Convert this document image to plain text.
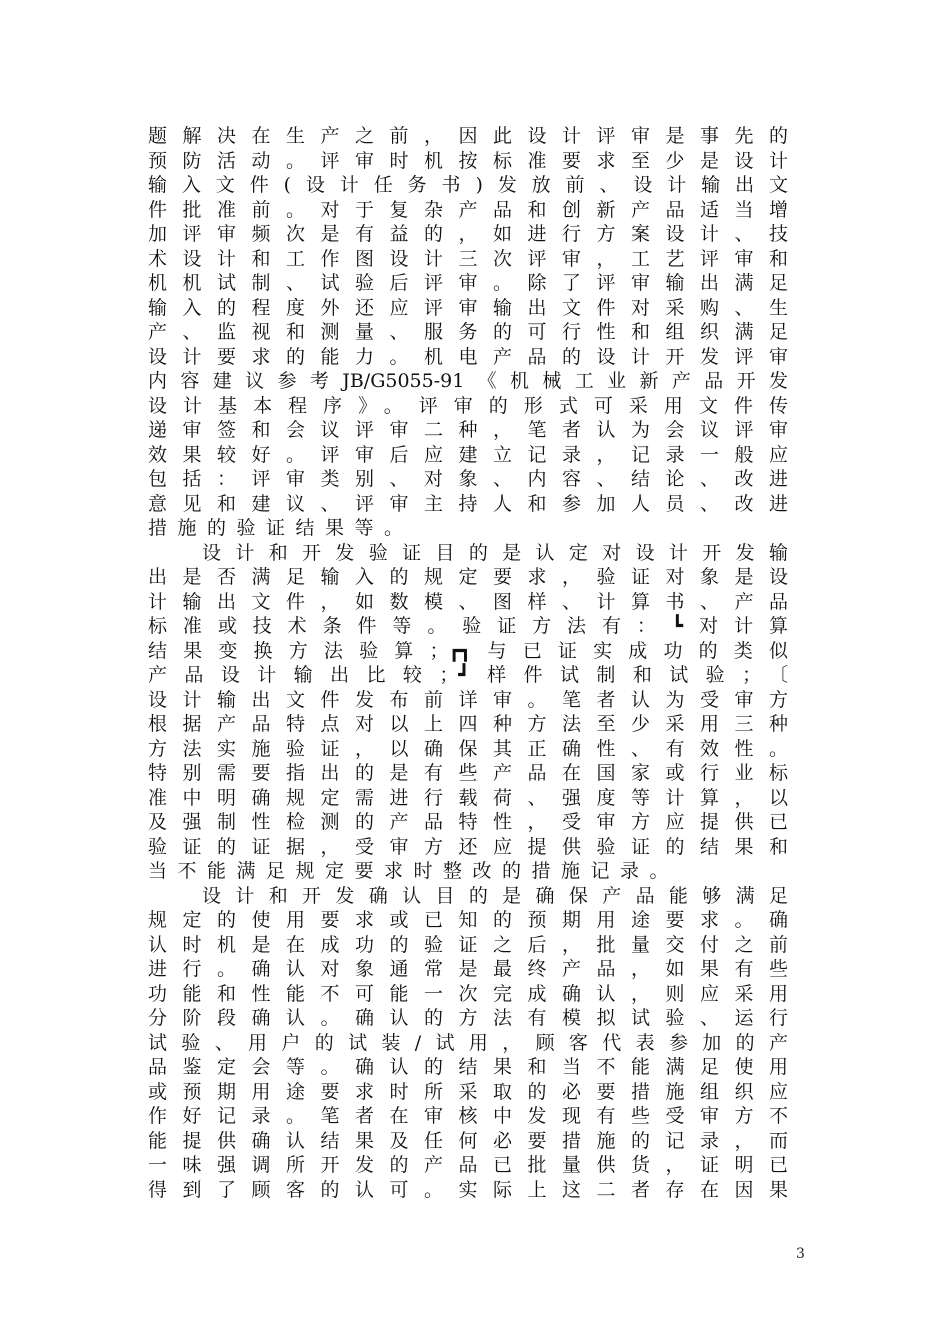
题解决在生产之前，因此设计评审是事先的
预防活动。评审时机按标准要求至少是设计
输入文件(设计任务书)发放前、设计输出文
件批准前。对于复杂产品和创新产品适当增
加评审频次是有益的，如进行方案设计、技
术设计和工作图设计三次评审，工艺评审和
机机试制、试验后评审。除了评审输出满足
输入的程度外还应评审输出文件对采购、生
产、监视和测量、服务的可行性和组织满足
设计要求的能力。机电产品的设计开发评审
内容建议参考JB/G5055-91《机械工业新产品开发
设计基本程序》。评审的形式可采用文件传
递审签和会议评审二种，笔者认为会议评审
效果较好。评审后应建立记录，记录一般应
包括：评审类别、对象、内容、结论、改进
意见和建议、评审主持人和参加人员、改进
措施的验证结果等。
设计和开发验证目的是认定对设计开发输
出是否满足输入的规定要求，验证对象是设
计输出文件，如数模、图样、计算书、产品
标准或技术条件等。验证方法有：┗对计算
结果变换方法验算；┏┓与已证实成功的类似
产品设计输出比较；┛样件试制和试验；〔
设计输出文件发布前详审。笔者认为受审方
根据产品特点对以上四种方法至少采用三种
方法实施验证，以确保其正确性、有效性。
特别需要指出的是有些产品在国家或行业标
准中明确规定需进行载荷、强度等计算，以
及强制性检测的产品特性，受审方应提供已
验证的证据，受审方还应提供验证的结果和
当不能满足规定要求时整改的措施记录。
设计和开发确认目的是确保产品能够满足
规定的使用要求或已知的预期用途要求。确
认时机是在成功的验证之后，批量交付之前
进行。确认对象通常是最终产品，如果有些
功能和性能不可能一次完成确认，则应采用
分阶段确认。确认的方法有模拟试验、运行
试验、用户的试装/试用，顾客代表参加的产
品鉴定会等。确认的结果和当不能满足使用
或预期用途要求时所采取的必要措施组织应
作好记录。笔者在审核中发现有些受审方不
能提供确认结果及任何必要措施的记录，而
一味强调所开发的产品已批量供货，证明已
得到了顾客的认可。实际上这二者存在因果
3
